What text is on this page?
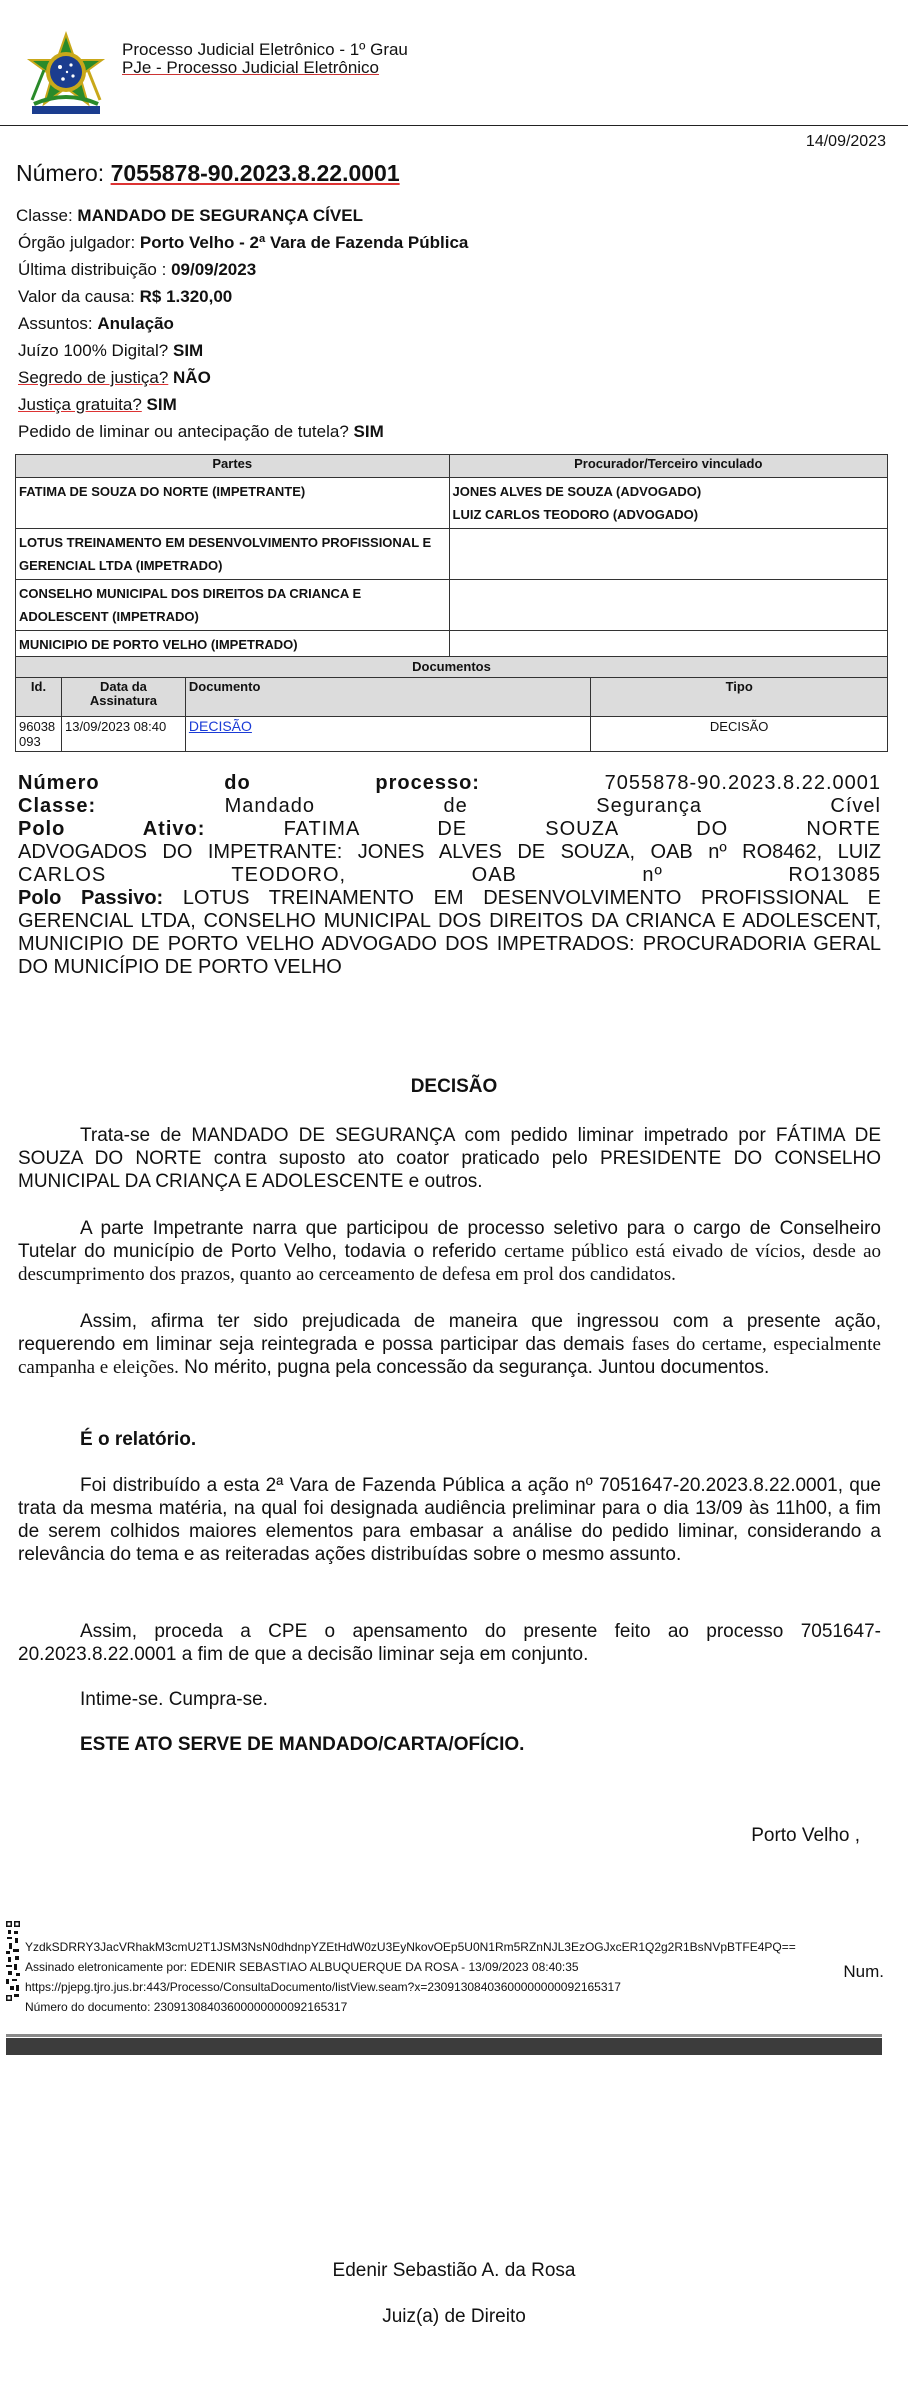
Processo Judicial Eletrônico - 1º Grau
PJe - Processo Judicial Eletrônico
14/09/2023
Número: 7055878-90.2023.8.22.0001
Classe: MANDADO DE SEGURANÇA CÍVEL
Órgão julgador: Porto Velho - 2ª Vara de Fazenda Pública
Última distribuição : 09/09/2023
Valor da causa: R$ 1.320,00
Assuntos: Anulação
Juízo 100% Digital? SIM
Segredo de justiça? NÃO
Justiça gratuita? SIM
Pedido de liminar ou antecipação de tutela? SIM
Partes	Procurador/Terceiro vinculado
FATIMA DE SOUZA DO NORTE (IMPETRANTE)	JONES ALVES DE SOUZA (ADVOGADO)
LUIZ CARLOS TEODORO (ADVOGADO)

LOTUS TREINAMENTO EM DESENVOLVIMENTO PROFISSIONAL E GERENCIAL LTDA (IMPETRADO)	
CONSELHO MUNICIPAL DOS DIREITOS DA CRIANCA E ADOLESCENT (IMPETRADO)	
MUNICIPIO DE PORTO VELHO (IMPETRADO)	
Documentos
Id.	Data da Assinatura	Documento	Tipo
96038 093	13/09/2023 08:40	DECISÃO	DECISÃO
Número do processo:	7055878-90.2023.8.22.0001
Classe:	Mandado de Segurança Cível
Polo Ativo:	FATIMA DE SOUZA DO NORTE
ADVOGADOS DO IMPETRANTE: JONES ALVES DE SOUZA, OAB nº RO8462, LUIZ
CARLOS TEODORO, OAB nº RO13085
Polo Passivo: LOTUS TREINAMENTO EM DESENVOLVIMENTO PROFISSIONAL E GERENCIAL LTDA, CONSELHO MUNICIPAL DOS DIREITOS DA CRIANCA E ADOLESCENT, MUNICIPIO DE PORTO VELHO ADVOGADO DOS IMPETRADOS: PROCURADORIA GERAL DO MUNICÍPIO DE PORTO VELHO
DECISÃO
Trata-se de MANDADO DE SEGURANÇA com pedido liminar impetrado por FÁTIMA DE SOUZA DO NORTE contra suposto ato coator praticado pelo PRESIDENTE DO CONSELHO MUNICIPAL DA CRIANÇA E ADOLESCENTE e outros.
A parte Impetrante narra que participou de processo seletivo para o cargo de Conselheiro Tutelar do município de Porto Velho, todavia o referido certame público está eivado de vícios, desde ao descumprimento dos prazos, quanto ao cerceamento de defesa em prol dos candidatos.
Assim, afirma ter sido prejudicada de maneira que ingressou com a presente ação, requerendo em liminar seja reintegrada e possa participar das demais fases do certame, especialmente campanha e eleições. No mérito, pugna pela concessão da segurança. Juntou documentos.
É o relatório.
Foi distribuído a esta 2ª Vara de Fazenda Pública a ação nº 7051647-20.2023.8.22.0001, que trata da mesma matéria, na qual foi designada audiência preliminar para o dia 13/09 às 11h00, a fim de serem colhidos maiores elementos para embasar a análise do pedido liminar, considerando a relevância do tema e as reiteradas ações distribuídas sobre o mesmo assunto.
Assim, proceda a CPE o apensamento do presente feito ao processo 7051647-20.2023.8.22.0001 a fim de que a decisão liminar seja em conjunto.
Intime-se. Cumpra-se.
ESTE ATO SERVE DE MANDADO/CARTA/OFÍCIO.
Porto Velho ,
YzdkSDRRY3JacVRhakM3cmU2T1JSM3NsN0dhdnpYZEtHdW0zU3EyNkovOEp5U0N1Rm5RZnNJL3EzOGJxcER1Q2g2R1BsNVpBTFE4PQ==
Assinado eletronicamente por: EDENIR SEBASTIAO ALBUQUERQUE DA ROSA - 13/09/2023 08:40:35
https://pjepg.tjro.jus.br:443/Processo/ConsultaDocumento/listView.seam?x=23091308403600000000092165317
Número do documento: 23091308403600000000092165317
Num.
Edenir Sebastião A. da Rosa
Juiz(a) de Direito
